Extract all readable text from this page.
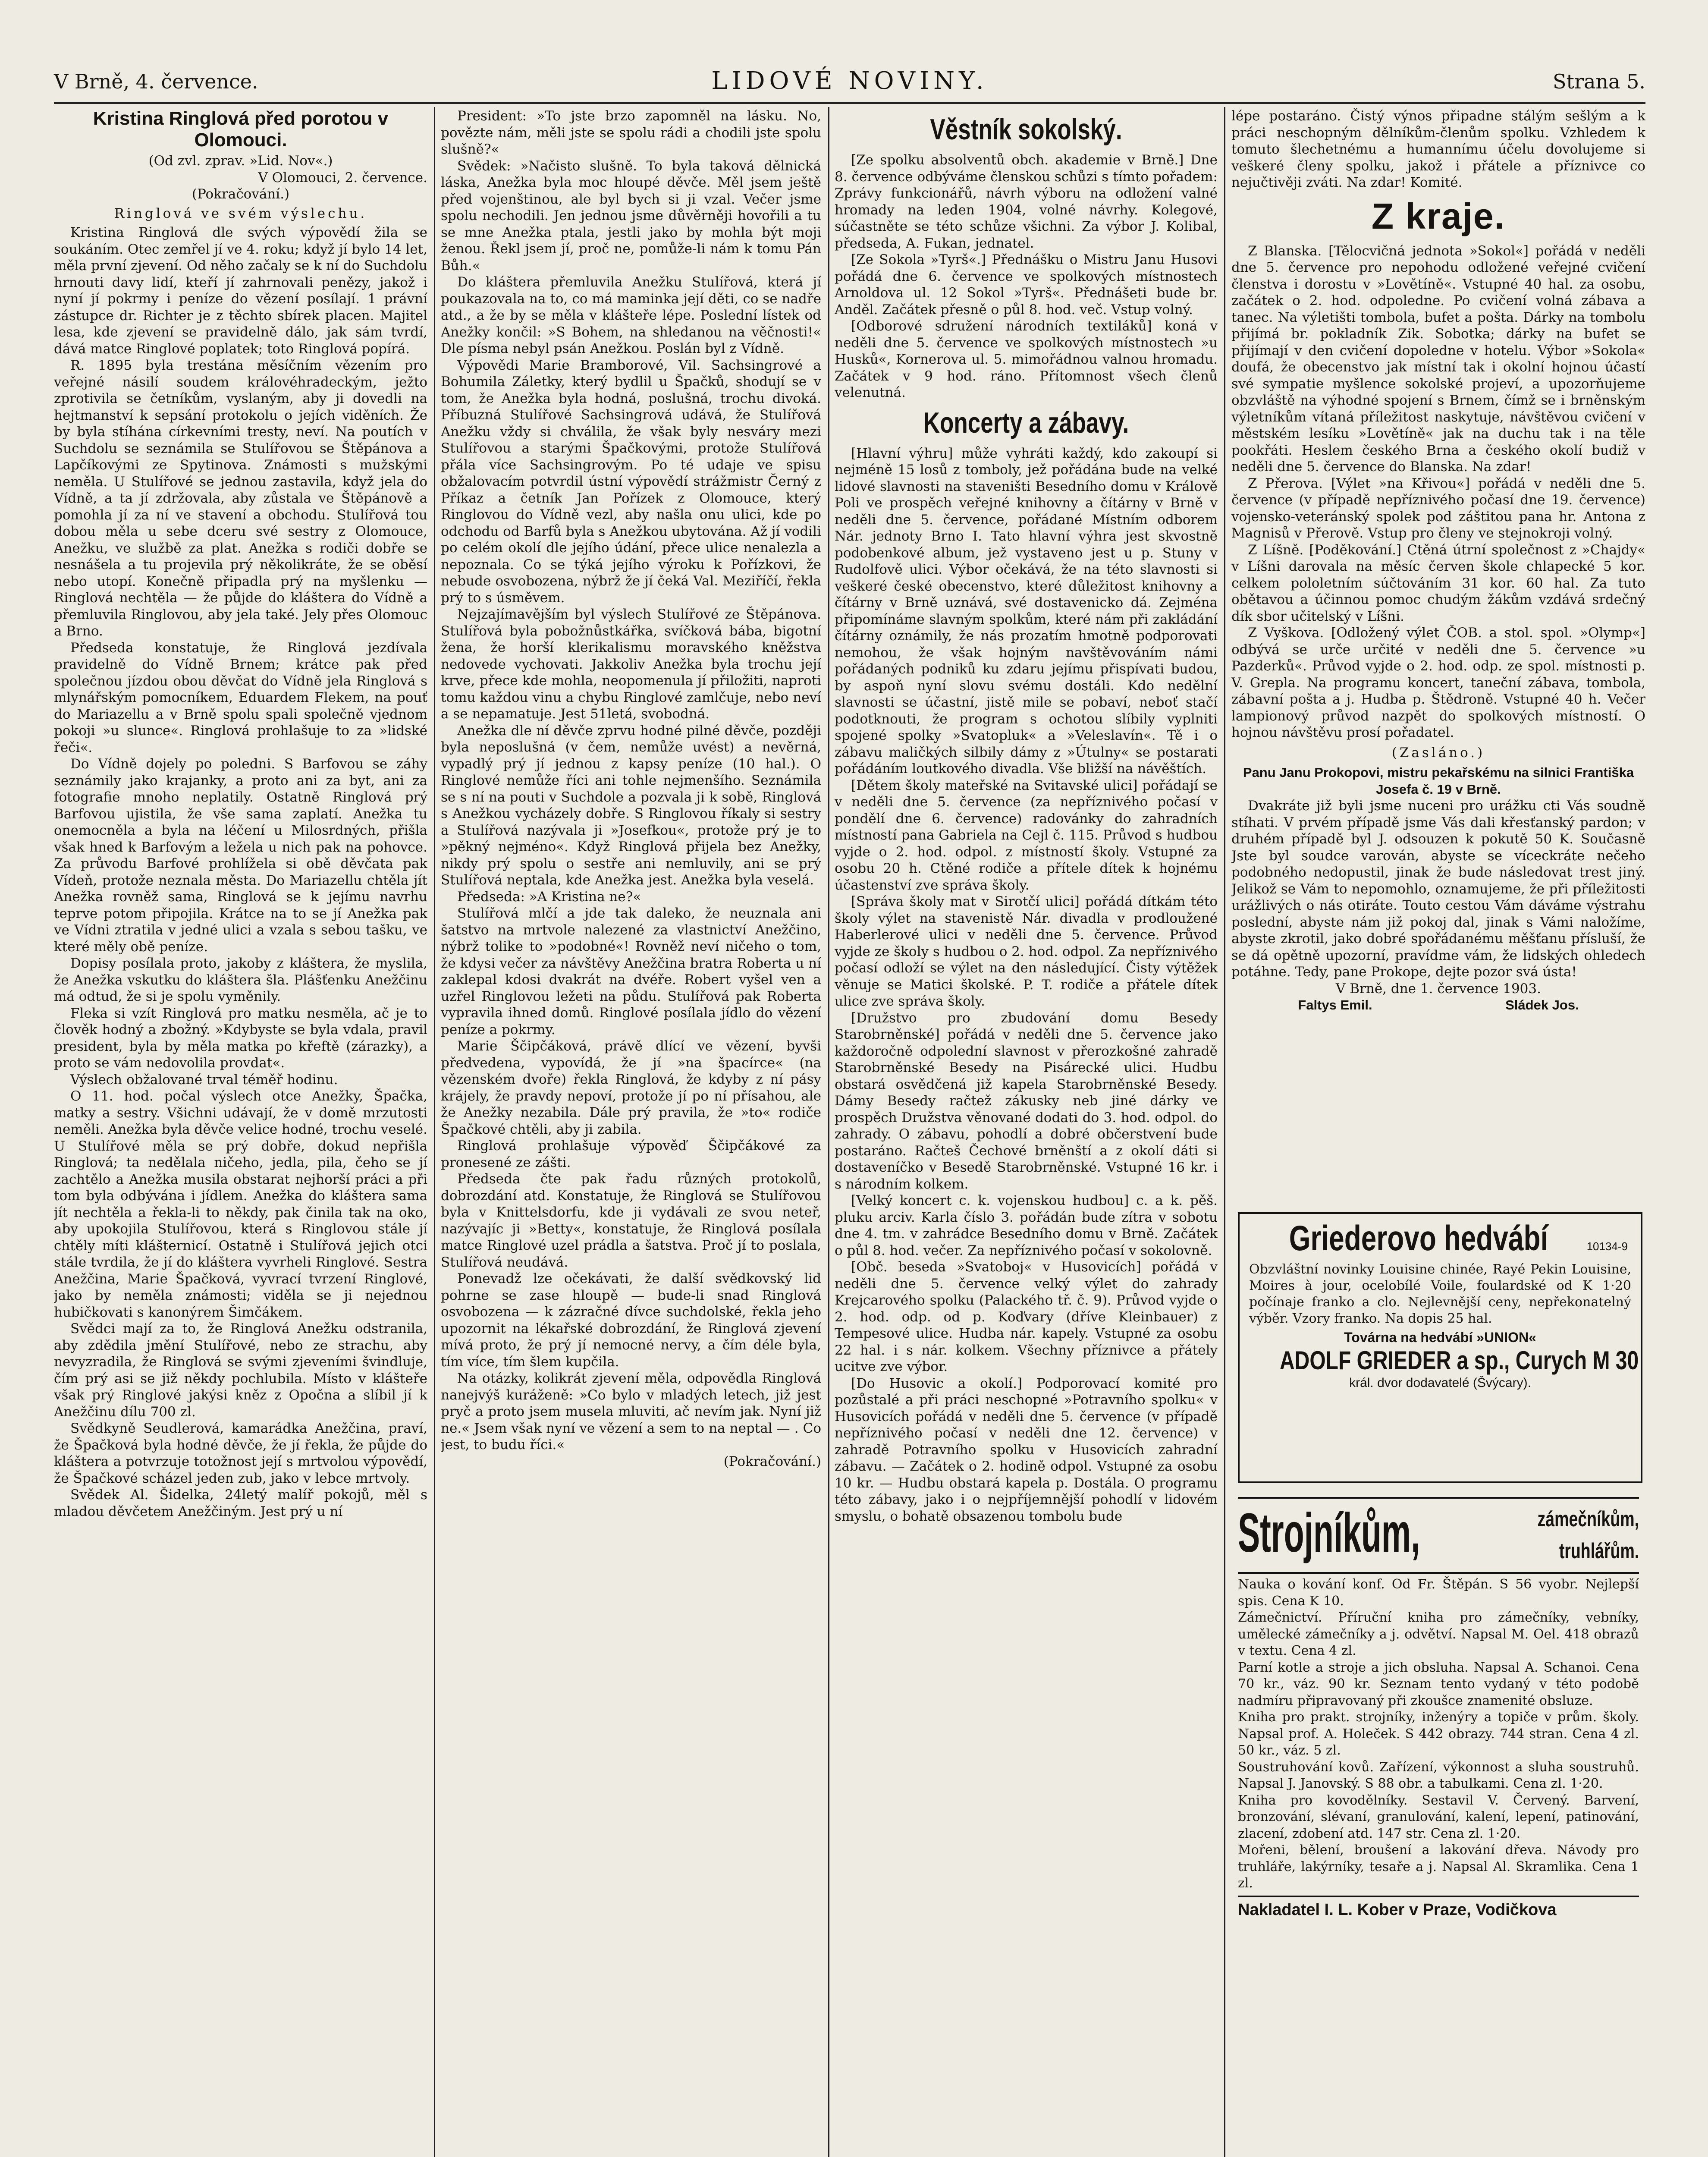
V Brně, 4. července.	LIDOVÉ NOVINY.	Strana 5.
Kristina Ringlová před porotou v Olomouci.
(Od zvl. zprav. »Lid. Nov«.)
V Olomouci, 2. července.
(Pokračování.)
Ringlová ve svém výslechu.

Kristina Ringlová dle svých výpovědí žila se soukáním. Otec zemřel jí ve 4. roku; když jí bylo 14 let, měla první zjevení. Od něho začaly se k ní do Suchdolu hrnouti davy lidí, kteří jí zahrnovali penězy, jakož i nyní jí pokrmy i peníze do vězení posílají. 1 právní zástupce dr. Richter je z těchto sbírek placen. Majitel lesa, kde zjevení se pravidelně dálo, jak sám tvrdí, dává matce Ringlové poplatek; toto Ringlová popírá.

R. 1895 byla trestána měsíčním vězením pro veřejné násilí soudem královéhradeckým, ježto zprotivila se četníkům, vyslaným, aby ji dovedli na hejtmanství k sepsání protokolu o jejích viděních. Že by byla stíhána církevními tresty, neví. Na poutích v Suchdolu se seznámila se Stulířovou se Štěpánova a Lapčíkovými ze Spytinova. Známosti s mužskými neměla. U Stulířové se jednou zastavila, když jela do Vídně, a ta jí zdržovala, aby zůstala ve Štěpánově a pomohla jí za ní ve stavení a obchodu. Stulířová tou dobou měla u sebe dceru své sestry z Olomouce, Anežku, ve službě za plat. Anežka s rodiči dobře se nesnášela a tu projevila prý několikráte, že se oběsí nebo utopí. Konečně připadla prý na myšlenku — Ringlová nechtěla — že půjde do kláštera do Vídně a přemluvila Ringlovou, aby jela také. Jely přes Olomouc a Brno.

Předseda konstatuje, že Ringlová jezdívala pravidelně do Vídně Brnem; krátce pak před společnou jízdou obou děvčat do Vídně jela Ringlová s mlynářským pomocníkem, Eduardem Flekem, na pouť do Mariazellu a v Brně spolu spali společně vjednom pokoji »u slunce«. Ringlová prohlašuje to za »lidské řeči«.

Do Vídně dojely po poledni. S Barfovou se záhy seznámily jako krajanky, a proto ani za byt, ani za fotografie mnoho neplatily. Ostatně Ringlová prý Barfovou ujistila, že vše sama zaplatí. Anežka tu onemocněla a byla na léčení u Milosrdných, přišla však hned k Barfovým a ležela u nich pak na pohovce. Za průvodu Barfové prohlížela si obě děvčata pak Vídeň, protože neznala města. Do Mariazellu chtěla jít Anežka rovněž sama, Ringlová se k jejímu navrhu teprve potom připojila. Krátce na to se jí Anežka pak ve Vídni ztratila v jedné ulici a vzala s sebou tašku, ve které měly obě peníze.

Dopisy posílala proto, jakoby z kláštera, že myslila, že Anežka vskutku do kláštera šla. Plášťenku Anežčinu má odtud, že si je spolu vyměnily.

Fleka si vzít Ringlová pro matku nesměla, ač je to člověk hodný a zbožný. »Kdybyste se byla vdala, pravil president, byla by měla matka po křeftě (zárazky), a proto se vám nedovolila provdat«.

Výslech obžalované trval téměř hodinu.

O 11. hod. počal výslech otce Anežky, Špačka, matky a sestry. Všichni udávají, že v domě mrzutosti neměli. Anežka byla děvče velice hodné, trochu veselé. U Stulířové měla se prý dobře, dokud nepřišla Ringlová; ta nedělala ničeho, jedla, pila, čeho se jí zachtělo a Anežka musila obstarat nejhorší práci a při tom byla odbývána i jídlem. Anežka do kláštera sama jít nechtěla a řekla-li to někdy, pak činila tak na oko, aby upokojila Stulířovou, která s Ringlovou stále jí chtěly míti klášternicí. Ostatně i Stulířová jejich otci stále tvrdila, že jí do kláštera vyvrheli Ringlové. Sestra Anežčina, Marie Špačková, vyvrací tvrzení Ringlové, jako by neměla známosti; viděla se ji nejednou hubičkovati s kanonýrem Šimčákem.

Svědci mají za to, že Ringlová Anežku odstranila, aby zdědila jmění Stulířové, nebo ze strachu, aby nevyzradila, že Ringlová se svými zjeveními švindluje, čím prý asi se již někdy pochlubila. Místo v klášteře však prý Ringlové jakýsi kněz z Opočna a slíbil jí k Anežčinu dílu 700 zl.

Svědkyně Seudlerová, kamarádka Anežčina, praví, že Špačková byla hodné děvče, že jí řekla, že půjde do kláštera a potvrzuje totožnost její s mrtvolou výpovědí, že Špačkové scházel jeden zub, jako v lebce mrtvoly.

Svědek Al. Šidelka, 24letý malíř pokojů, měl s mladou děvčetem Anežčiným. Jest prý u ní

President: »To jste brzo zapomněl na lásku. No, povězte nám, měli jste se spolu rádi a chodili jste spolu slušně?«

Svědek: »Načisto slušně. To byla taková dělnická láska, Anežka byla moc hloupé děvče. Měl jsem ještě před vojenštinou, ale byl bych si ji vzal. Večer jsme spolu nechodili. Jen jednou jsme důvěrněji hovořili a tu se mne Anežka ptala, jestli jako by mohla být moji ženou. Řekl jsem jí, proč ne, pomůže-li nám k tomu Pán Bůh.«

Do kláštera přemluvila Anežku Stulířová, která jí poukazovala na to, co má maminka její děti, co se nadře atd., a že by se měla v klášteře lépe. Poslední lístek od Anežky končil: »S Bohem, na shledanou na věčnosti!« Dle písma nebyl psán Anežkou. Poslán byl z Vídně.

Výpovědi Marie Bramborové, Vil. Sachsingrové a Bohumila Záletky, který bydlil u Špačků, shodují se v tom, že Anežka byla hodná, poslušná, trochu divoká. Příbuzná Stulířové Sachsingrová udává, že Stulířová Anežku vždy si chválila, že však byly nesváry mezi Stulířovou a starými Špačkovými, protože Stulířová přála více Sachsingrovým. Po té udaje ve spisu obžalovacím potvrdil ústní výpovědí strážmistr Černý z Příkaz a četník Jan Pořízek z Olomouce, který Ringlovou do Vídně vezl, aby našla onu ulici, kde po odchodu od Barfů byla s Anežkou ubytována. Až jí vodili po celém okolí dle jejího údání, přece ulice nenalezla a nepoznala. Co se týká jejího výroku k Pořízkovi, že nebude osvobozena, nýbrž že jí čeká Val. Meziříčí, řekla prý to s úsměvem.

Nejzajímavějším byl výslech Stulířové ze Štěpánova. Stulířová byla pobožnůstkářka, svíčková bába, bigotní žena, že horší klerikalismu moravského kněžstva nedovede vychovati. Jakkoliv Anežka byla trochu její krve, přece kde mohla, neopomenula jí přiložiti, naproti tomu každou vinu a chybu Ringlové zamlčuje, nebo neví a se nepamatuje. Jest 51letá, svobodná.

Anežka dle ní děvče zprvu hodné pilné děvče, později byla neposlušná (v čem, nemůže uvést) a nevěrná, vypadlý prý jí jednou z kapsy peníze (10 hal.). O Ringlové nemůže říci ani tohle nejmenšího. Seznámila se s ní na pouti v Suchdole a pozvala ji k sobě, Ringlová s Anežkou vycházely dobře. S Ringlovou říkaly si sestry a Stulířová nazývala ji »Josefkou«, protože prý je to »pěkný nejméno«. Když Ringlová přijela bez Anežky, nikdy prý spolu o sestře ani nemluvily, ani se prý Stulířová neptala, kde Anežka jest. Anežka byla veselá.

Předseda: »A Kristina ne?«

Stulířová mlčí a jde tak daleko, že neuznala ani šatstvo na mrtvole nalezené za vlastnictví Anežčino, nýbrž tolike to »podobné«! Rovněž neví ničeho o tom, že kdysi večer za návštěvy Anežčina bratra Roberta u ní zaklepal kdosi dvakrát na dvéře. Robert vyšel ven a uzřel Ringlovou ležeti na půdu. Stulířová pak Roberta vypravila ihned domů. Ringlové posílala jídlo do vězení peníze a pokrmy.

Marie Ščipčáková, právě dlící ve vězení, byvši předvedena, vypovídá, že jí »na špacírce« (na vězenském dvoře) řekla Ringlová, že kdyby z ní pásy krájely, že pravdy nepoví, protože jí po ní přísahou, ale že Anežky nezabila. Dále prý pravila, že »to« rodiče Špačkové chtěli, aby ji zabila.

Ringlová prohlašuje výpověď Ščipčákové za pronesené ze zášti.

Předseda čte pak řadu různých protokolů, dobrozdání atd. Konstatuje, že Ringlová se Stulířovou byla v Knittelsdorfu, kde ji vydávali ze svou neteř, nazývajíc ji »Betty«, konstatuje, že Ringlová posílala matce Ringlové uzel prádla a šatstva. Proč jí to poslala, Stulířová neudává.

Ponevadž lze očekávati, že další svědkovský lid pohrne se zase hloupě — bude-li snad Ringlová osvobozena — k zázračné dívce suchdolské, řekla jeho upozornit na lékařské dobrozdání, že Ringlová zjevení mívá proto, že prý jí nemocné nervy, a čím déle byla, tím více, tím šlem kupčila.

Na otázky, kolikrát zjevení měla, odpovědla Ringlová nanejvýš kuráženě: »Co bylo v mladých letech, již jest pryč a proto jsem musela mluviti, ač nevím jak. Nyní již ne.« Jsem však nyní ve vězení a sem to na neptal — . Co jest, to budu říci.«

(Pokračování.)
Věstník sokolský.

[Ze spolku absolventů obch. akademie v Brně.] Dne 8. července odbýváme členskou schůzi s tímto pořadem: Zprávy funkcionářů, návrh výboru na odložení valné hromady na leden 1904, volné návrhy. Kolegové, súčastněte se této schůze všichni. Za výbor J. Kolibal, předseda, A. Fukan, jednatel.

[Ze Sokola »Tyrš«.] Přednášku o Mistru Janu Husovi pořádá dne 6. července ve spolkových místnostech Arnoldova ul. 12 Sokol »Tyrš«. Přednášeti bude br. Anděl. Začátek přesně o půl 8. hod. več. Vstup volný.

[Odborové sdružení národních textiláků] koná v neděli dne 5. července ve spolkových místnostech »u Husků«, Kornerova ul. 5. mimořádnou valnou hromadu. Začátek v 9 hod. ráno. Přítomnost všech členů velenutná.

Koncerty a zábavy.

[Hlavní výhru] může vyhráti každý, kdo zakoupí si nejméně 15 losů z tomboly, jež pořádána bude na velké lidové slavnosti na staveništi Besedního domu v Králově Poli ve prospěch veřejné knihovny a čítárny v Brně v neděli dne 5. července, pořádané Místním odborem Nár. jednoty Brno I. Tato hlavní výhra jest skvostně podobenkové album, jež vystaveno jest u p. Stuny v Rudolfově ulici. Výbor očekává, že na této slavnosti si veškeré české obecenstvo, které důležitost knihovny a čítárny v Brně uznává, své dostavenicko dá. Zejména připomínáme slavným spolkům, které nám při zakládání čítárny oznámily, že nás prozatím hmotně podporovati nemohou, že však hojným navštěvováním námi pořádaných podniků ku zdaru jejímu přispívati budou, by aspoň nyní slovu svému dostáli. Kdo nedělní slavnosti se účastní, jistě mile se pobaví, neboť stačí podotknouti, že program s ochotou slíbily vyplniti spojené spolky »Svatopluk« a »Veleslavín«. Tě i o zábavu maličkých silbily dámy z »Útulny« se postarati pořádáním loutkového divadla. Vše bližší na návěštích.

[Dětem školy mateřské na Svitavské ulici] pořádají se v neděli dne 5. července (za nepříznivého počasí v pondělí dne 6. července) radovánky do zahradních místností pana Gabriela na Cejl č. 115. Průvod s hudbou vyjde o 2. hod. odpol. z místností školy. Vstupné za osobu 20 h. Ctěné rodiče a přítele dítek k hojnému účastenství zve správa školy.

[Správa školy mat v Sirotčí ulici] pořádá dítkám této školy výlet na stavenistě Nár. divadla v prodloužené Haberlerové ulici v neděli dne 5. července. Průvod vyjde ze školy s hudbou o 2. hod. odpol. Za nepříznivého počasí odloží se výlet na den následující. Čisty výtěžek věnuje se Matici školské. P. T. rodiče a přátele dítek ulice zve správa školy.

[Družstvo pro zbudování domu Besedy Starobrněnské] pořádá v neděli dne 5. července jako každoročně odpolední slavnost v přerozkošné zahradě Starobrněnské Besedy na Pisárecké ulici. Hudbu obstará osvědčená již kapela Starobrněnské Besedy. Dámy Besedy račtež zákusky neb jiné dárky ve prospěch Družstva věnované dodati do 3. hod. odpol. do zahrady. O zábavu, pohodlí a dobré občerstvení bude postaráno. Račteš Čechové brněnští a z okolí dáti si dostaveníčko v Besedě Starobrněnské. Vstupné 16 kr. i s národním kolkem.

[Velký koncert c. k. vojenskou hudbou] c. a k. pěš. pluku arciv. Karla číslo 3. pořádán bude zítra v sobotu dne 4. tm. v zahrádce Besedního domu v Brně. Začátek o půl 8. hod. večer. Za nepříznivého počasí v sokolovně.

[Obč. beseda »Svatoboj« v Husovicích] pořádá v neděli dne 5. července velký výlet do zahrady Krejcarového spolku (Palackého tř. č. 9). Průvod vyjde o 2. hod. odp. od p. Koďvary (dříve Kleinbauer) z Tempesové ulice. Hudba nár. kapely. Vstupné za osobu 22 hal. i s nár. kolkem. Všechny příznivce a přátely ucitve zve výbor.

[Do Husovic a okolí.] Podporovací komité pro pozůstalé a při práci neschopné »Potravního spolku« v Husovicích pořádá v neděli dne 5. července (v případě nepříznivého počasí v neděli dne 12. července) v zahradě Potravního spolku v Husovicích zahradní zábavu. — Začátek o 2. hodině odpol. Vstupné za osobu 10 kr. — Hudbu obstará kapela p. Dostála. O programu této zábavy, jako i o nejpříjemnější pohodlí v lidovém smyslu, o bohatě obsazenou tombolu bude

lépe postaráno. Čistý výnos připadne stálým sešlým a k práci neschopným dělníkům-členům spolku. Vzhledem k tomuto šlechetnému a humannímu účelu dovolujeme si veškeré členy spolku, jakož i přátele a příznivce co nejučtivěji zváti. Na zdar! Komité.

Z kraje.

Z Blanska. [Tělocvičná jednota »Sokol«] pořádá v neděli dne 5. července pro nepohodu odložené veřejné cvičení členstva i dorostu v »Lovětíně«. Vstupné 40 hal. za osobu, začátek o 2. hod. odpoledne. Po cvičení volná zábava a tanec. Na výletišti tombola, bufet a pošta. Dárky na tombolu přijímá br. pokladník Zik. Sobotka; dárky na bufet se přijímají v den cvičení dopoledne v hotelu. Výbor »Sokola« doufá, že obecenstvo jak místní tak i okolní hojnou účastí své sympatie myšlence sokolské projeví, a upozorňujeme obzvláště na výhodné spojení s Brnem, čímž se i brněnským výletníkům vítaná příležitost naskytuje, návštěvou cvičení v městském lesíku »Lovětíně« jak na duchu tak i na těle pookřáti. Heslem českého Brna a českého okolí budiž v neděli dne 5. července do Blanska. Na zdar!

Z Přerova. [Výlet »na Křivou«] pořádá v neděli dne 5. července (v případě nepříznivého počasí dne 19. července) vojensko-veteránský spolek pod záštitou pana hr. Antona z Magnisů v Přerově. Vstup pro členy ve stejnokroji volný.

Z Líšně. [Poděkování.] Ctěná útrní společnost z »Chajdy« v Líšni darovala na měsíc červen škole chlapecké 5 kor. celkem pololetním súčtováním 31 kor. 60 hal. Za tuto obětavou a účinnou pomoc chudým žákům vzdává srdečný dík sbor učitelský v Líšni.

Z Vyškova. [Odložený výlet ČOB. a stol. spol. »Olymp«] odbývá se urče určité v neděli dne 5. července »u Pazderků«. Průvod vyjde o 2. hod. odp. ze spol. místnosti p. V. Grepla. Na programu koncert, taneční zábava, tombola, zábavní pošta a j. Hudba p. Štědroně. Vstupné 40 h. Večer lampionový průvod nazpět do spolkových místností. O hojnou návštěvu prosí pořadatel.

(Zasláno.)
Panu Janu Prokopovi, mistru pekařskému na silnici Františka Josefa č. 19 v Brně.

Dvakráte již byli jsme nuceni pro urážku cti Vás soudně stíhati. V prvém případě jsme Vás dali křesťanský pardon; v druhém případě byl J. odsouzen k pokutě 50 K. Současně Jste byl soudce varován, abyste se víceckráte nečeho podobného nedopustil, jinak že bude následovat trest jiný. Jelikož se Vám to nepomohlo, oznamujeme, že při příležitosti urážlivých o nás otiráte. Touto cestou Vám dáváme výstrahu poslední, abyste nám již pokoj dal, jinak s Vámi naložíme, abyste zkrotil, jako dobré spořádanému měšťanu přísluší, že se dá opětně upozorní, pravídme vám, že lidských ohledech potáhne. Tedy, pane Prokope, dejte pozor svá ústa!

V Brně, dne 1. července 1903.
Faltys Emil.	Sládek Jos.
Griederovo hedvábí	10134-9
Obzvláštní novinky Louisine chinée, Rayé Pekin Louisine, Moires à jour, ocelobílé Voile, foulardské od K 1·20 počínaje franko a clo. Nejlevnější ceny, nepřekonatelný výběr. Vzory franko. Na dopis 25 hal.
Továrna na hedvábí »UNION«
ADOLF GRIEDER a sp., Curych M 30
král. dvor dodavatelé (Švýcary).
Strojníkům,	zámečníkům,
truhlářům.
Nauka o kování konf. Od Fr. Štěpán. S 56 vyobr. Nejlepší spis. Cena K 10.
Zámečnictví. Příruční kniha pro zámečníky, vebníky, umělecké zámečníky a j. odvětví. Napsal M. Oel. 418 obrazů v textu. Cena 4 zl.
Parní kotle a stroje a jich obsluha. Napsal A. Schanoi. Cena 70 kr., váz. 90 kr. Seznam tento vydaný v této podobě nadmíru připravovaný při zkoušce znamenité obsluze.
Kniha pro prakt. strojníky, inženýry a topiče v prům. školy. Napsal prof. A. Holeček. S 442 obrazy. 744 stran. Cena 4 zl. 50 kr., váz. 5 zl.
Soustruhování kovů. Zařízení, výkonnost a sluha soustruhů. Napsal J. Janovský. S 88 obr. a tabulkami. Cena zl. 1·20.
Kniha pro kovodělníky. Sestavil V. Červený. Barvení, bronzování, slévaní, granulování, kalení, lepení, patinování, zlacení, zdobení atd. 147 str. Cena zl. 1·20.
Mořeni, bělení, broušení a lakování dřeva. Návody pro truhláře, lakýrníky, tesaře a j. Napsal Al. Skramlika. Cena 1 zl.
Nakladatel I. L. Kober v Praze, Vodičkova
